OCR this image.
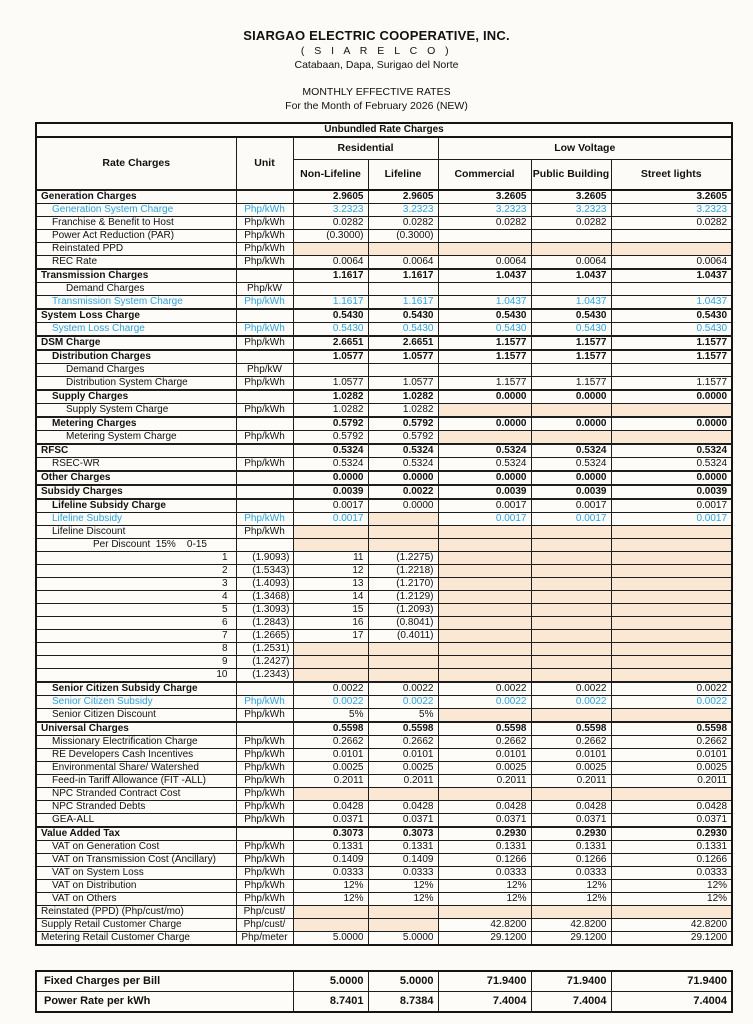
SIARGAO ELECTRIC COOPERATIVE, INC.
( S I A R E L C O )
Catabaan, Dapa, Surigao del Norte
MONTHLY EFFECTIVE RATES
For the Month of February 2026 (NEW)
Unbundled Rate Charges						
Rate Charges	Unit	Residential		Low Voltage		
		Non-Lifeline	Lifeline	Commercial	Public Building	Street lights
Generation Charges		2.9605	2.9605	3.2605	3.2605	3.2605
Generation System Charge	Php/kWh	3.2323	3.2323	3.2323	3.2323	3.2323
Franchise & Benefit to Host	Php/kWh	0.0282	0.0282	0.0282	0.0282	0.0282
Power Act Reduction (PAR)	Php/kWh	(0.3000)	(0.3000)			
Reinstated PPD	Php/kWh					
REC Rate	Php/kWh	0.0064	0.0064	0.0064	0.0064	0.0064
Transmission Charges		1.1617	1.1617	1.0437	1.0437	1.0437
Demand Charges	Php/kW					
Transmission System Charge	Php/kWh	1.1617	1.1617	1.0437	1.0437	1.0437
System Loss Charge		0.5430	0.5430	0.5430	0.5430	0.5430
System Loss Charge	Php/kWh	0.5430	0.5430	0.5430	0.5430	0.5430
DSM Charge	Php/kWh	2.6651	2.6651	1.1577	1.1577	1.1577
Distribution Charges		1.0577	1.0577	1.1577	1.1577	1.1577
Demand Charges	Php/kW					
Distribution System Charge	Php/kWh	1.0577	1.0577	1.1577	1.1577	1.1577
Supply Charges		1.0282	1.0282	0.0000	0.0000	0.0000
Supply System Charge	Php/kWh	1.0282	1.0282			
Metering Charges		0.5792	0.5792	0.0000	0.0000	0.0000
Metering System Charge	Php/kWh	0.5792	0.5792			
RFSC		0.5324	0.5324	0.5324	0.5324	0.5324
RSEC-WR	Php/kWh	0.5324	0.5324	0.5324	0.5324	0.5324
Other Charges		0.0000	0.0000	0.0000	0.0000	0.0000
Subsidy Charges		0.0039	0.0022	0.0039	0.0039	0.0039
Lifeline Subsidy Charge		0.0017	0.0000	0.0017	0.0017	0.0017
Lifeline Subsidy	Php/kWh	0.0017		0.0017	0.0017	0.0017
Lifeline Discount	Php/kWh					
Per Discount  15%    0-15						
1	(1.9093)	11	(1.2275)			
2	(1.5343)	12	(1.2218)			
3	(1.4093)	13	(1.2170)			
4	(1.3468)	14	(1.2129)			
5	(1.3093)	15	(1.2093)			
6	(1.2843)	16	(0.8041)			
7	(1.2665)	17	(0.4011)			
8	(1.2531)					
9	(1.2427)					
10	(1.2343)					
Senior Citizen Subsidy Charge		0.0022	0.0022	0.0022	0.0022	0.0022
Senior Citizen Subsidy	Php/kWh	0.0022	0.0022	0.0022	0.0022	0.0022
Senior Citizen Discount	Php/kWh	5%	5%			
Universal Charges		0.5598	0.5598	0.5598	0.5598	0.5598
Missionary Electrification Charge	Php/kWh	0.2662	0.2662	0.2662	0.2662	0.2662
RE Developers Cash Incentives	Php/kWh	0.0101	0.0101	0.0101	0.0101	0.0101
Environmental Share/ Watershed	Php/kWh	0.0025	0.0025	0.0025	0.0025	0.0025
Feed-in Tariff Allowance (FIT -ALL)	Php/kWh	0.2011	0.2011	0.2011	0.2011	0.2011
NPC Stranded Contract Cost	Php/kWh					
NPC Stranded Debts	Php/kWh	0.0428	0.0428	0.0428	0.0428	0.0428
GEA-ALL	Php/kWh	0.0371	0.0371	0.0371	0.0371	0.0371
Value Added Tax		0.3073	0.3073	0.2930	0.2930	0.2930
VAT on Generation Cost	Php/kWh	0.1331	0.1331	0.1331	0.1331	0.1331
VAT on Transmission Cost (Ancillary)	Php/kWh	0.1409	0.1409	0.1266	0.1266	0.1266
VAT on System Loss	Php/kWh	0.0333	0.0333	0.0333	0.0333	0.0333
VAT on Distribution	Php/kWh	12%	12%	12%	12%	12%
VAT on Others	Php/kWh	12%	12%	12%	12%	12%
Reinstated (PPD) (Php/cust/mo)	Php/cust/					
Supply Retail Customer Charge	Php/cust/			42.8200	42.8200	42.8200
Metering Retail Customer Charge	Php/meter	5.0000	5.0000	29.1200	29.1200	29.1200
Fixed Charges per Bill	5.0000	5.0000	71.9400	71.9400	71.9400
Power Rate per kWh	8.7401	8.7384	7.4004	7.4004	7.4004
